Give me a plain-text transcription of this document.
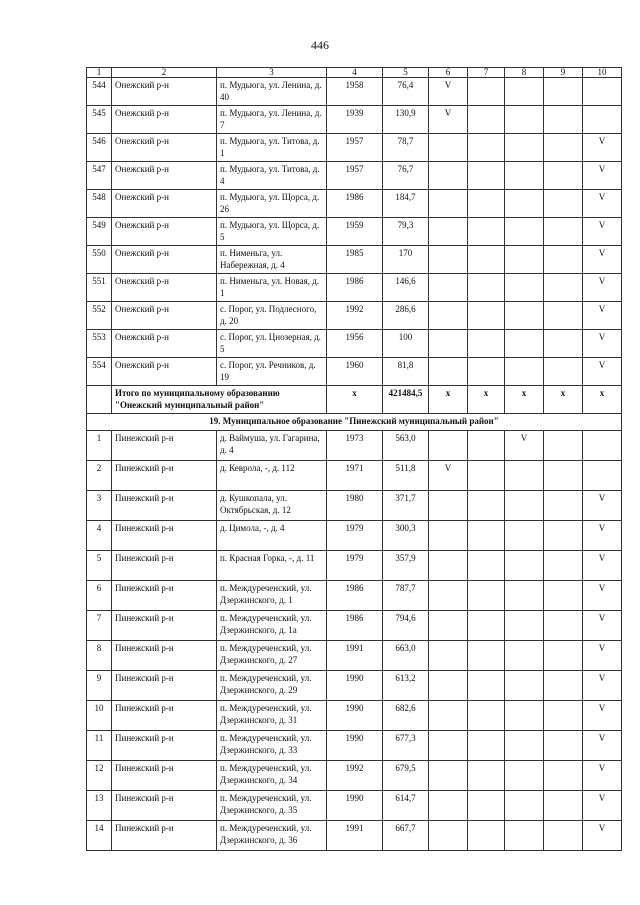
446
1	2	3	4	5	6	7	8	9	10
544	Онежский р-н	п. Мудьюга, ул. Ленина, д. 40	1958	76,4	V				
545	Онежский р-н	п. Мудьюга, ул. Ленина, д. 7	1939	130,9	V				
546	Онежский р-н	п. Мудьюга, ул. Титова, д. 1	1957	78,7					V
547	Онежский р-н	п. Мудьюга, ул. Титова, д. 4	1957	76,7					V
548	Онежский р-н	п. Мудьюга, ул. Щорса, д. 26	1986	184,7					V
549	Онежский р-н	п. Мудьюга, ул. Щорса, д. 5	1959	79,3					V
550	Онежский р-н	п. Нименьга, ул. Набережная, д. 4	1985	170					V
551	Онежский р-н	п. Нименьга, ул. Новая, д. 1	1986	146,6					V
552	Онежский р-н	с. Порог, ул. Подлесного, д. 20	1992	286,6					V
553	Онежский р-н	с. Порог, ул. Цнозерная, д. 5	1956	100					V
554	Онежский р-н	с. Порог, ул. Речников, д. 19	1960	81,8					V
	Итого по муниципальному образованию "Онежский муниципальный район"		x	421484,5	x	x	x	x	x
19. Муниципальное образование "Пинежский муниципальный район"									
1	Пинежский р-н	д. Ваймуша, ул. Гагарина, д. 4	1973	563,0			V		
2	Пинежский р-н	д. Кеврола, -, д. 112	1971	511,8	V				
3	Пинежский р-н	д. Кушкопала, ул. Октябрьская, д. 12	1980	371,7					V
4	Пинежский р-н	д. Цимола, -, д. 4	1979	300,3					V
5	Пинежский р-н	п. Красная Горка, -, д. 11	1979	357,9					V
6	Пинежский р-н	п. Междуреченский, ул. Дзержинского, д. 1	1986	787,7					V
7	Пинежский р-н	п. Междуреченский, ул. Дзержинского, д. 1а	1986	794,6					V
8	Пинежский р-н	п. Междуреченский, ул. Дзержинского, д. 27	1991	663,0					V
9	Пинежский р-н	п. Междуреченский, ул. Дзержинского, д. 29	1990	613,2					V
10	Пинежский р-н	п. Междуреченский, ул. Дзержинского, д. 31	1990	682,6					V
11	Пинежский р-н	п. Междуреченский, ул. Дзержинского, д. 33	1990	677,3					V
12	Пинежский р-н	п. Междуреченский, ул. Дзержинского, д. 34	1992	679,5					V
13	Пинежский р-н	п. Междуреченский, ул. Дзержинского, д. 35	1990	614,7					V
14	Пинежский р-н	п. Междуреченский, ул. Дзержинского, д. 36	1991	667,7					V
